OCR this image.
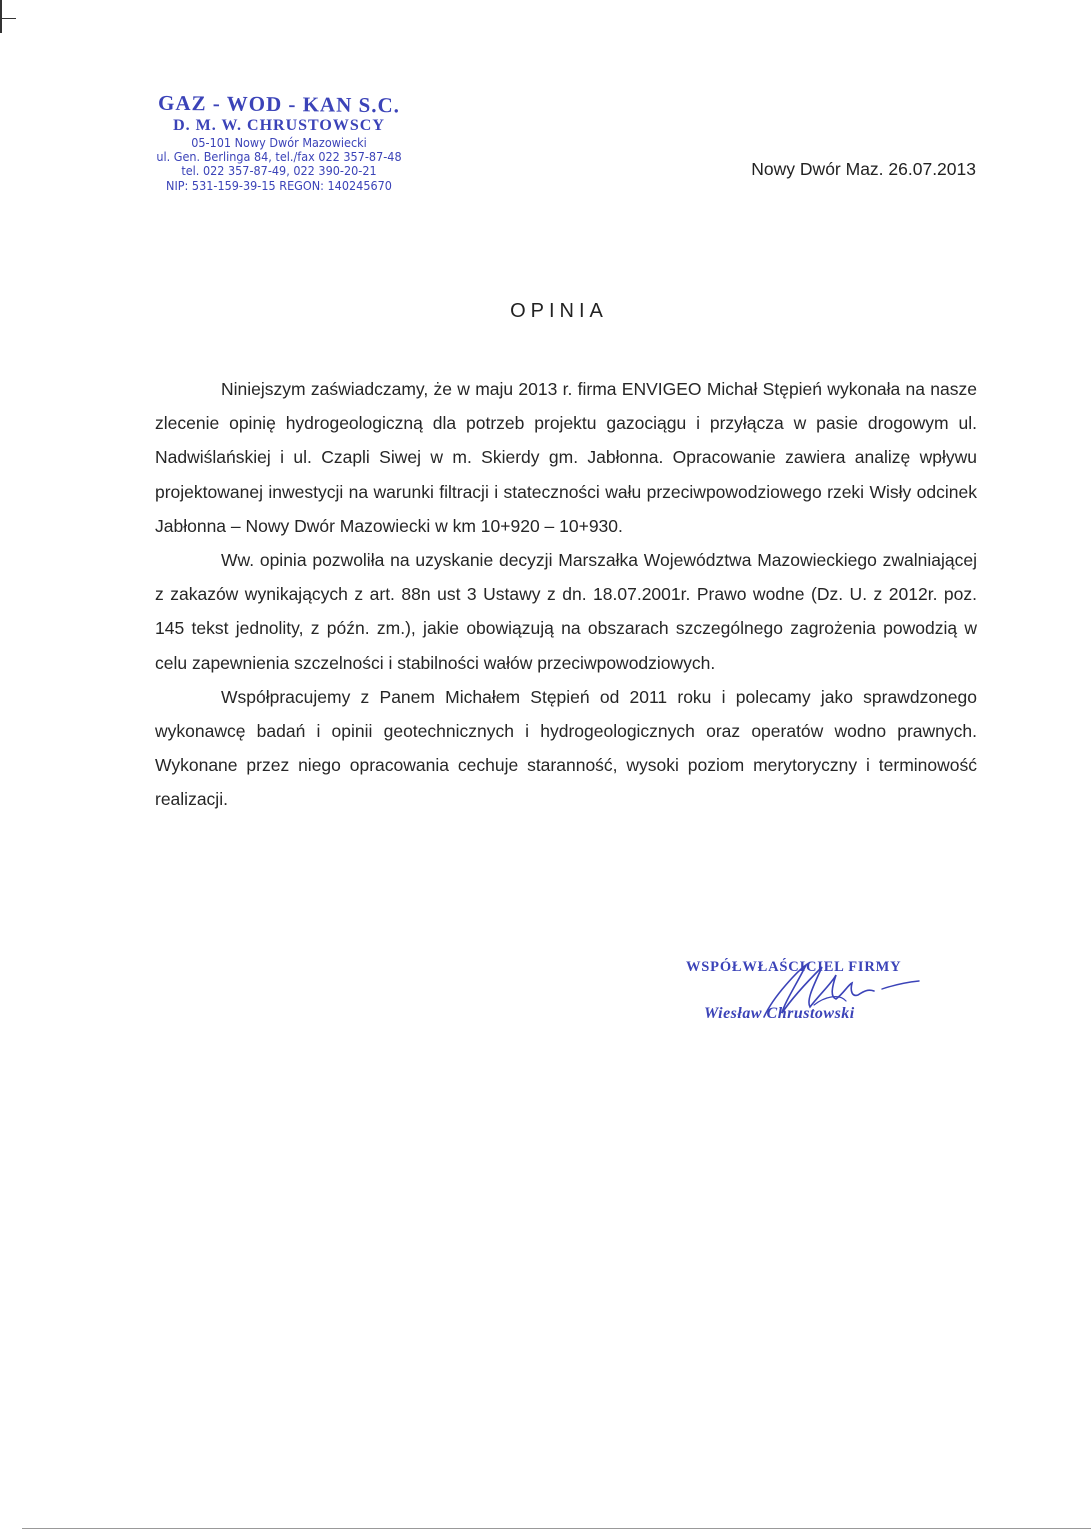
GAZ - WOD - KAN S.C.
D. M. W. CHRUSTOWSCY
05-101 Nowy Dwór Mazowiecki
ul. Gen. Berlinga 84, tel./fax 022 357-87-48
tel. 022 357-87-49, 022 390-20-21
NIP: 531-159-39-15 REGON: 140245670
Nowy Dwór Maz. 26.07.2013
OPINIA

Niniejszym zaświadczamy, że w maju 2013 r. firma ENVIGEO Michał Stępień wykonała na nasze zlecenie opinię hydrogeologiczną dla potrzeb projektu gazociągu i przyłącza w pasie drogowym ul. Nadwiślańskiej i ul. Czapli Siwej w m. Skierdy gm. Jabłonna. Opracowanie zawiera analizę wpływu projektowanej inwestycji na warunki filtracji i stateczności wału przeciwpowodziowego rzeki Wisły odcinek Jabłonna – Nowy Dwór Mazowiecki w km 10+920 – 10+930.

Ww. opinia pozwoliła na uzyskanie decyzji Marszałka Województwa Mazowieckiego zwalniającej z zakazów wynikających z art. 88n ust 3 Ustawy z dn. 18.07.2001r. Prawo wodne (Dz. U. z 2012r. poz. 145 tekst jednolity, z późn. zm.), jakie obowiązują na obszarach szczególnego zagrożenia powodzią w celu zapewnienia szczelności i stabilności wałów przeciwpowodziowych.

Współpracujemy z Panem Michałem Stępień od 2011 roku i polecamy jako sprawdzonego wykonawcę badań i opinii geotechnicznych i hydrogeologicznych oraz operatów wodno prawnych. Wykonane przez niego opracowania cechuje staranność, wysoki poziom merytoryczny i terminowość realizacji.

WSPÓŁWŁAŚCICIEL FIRMY
Wiesław Chrustowski
